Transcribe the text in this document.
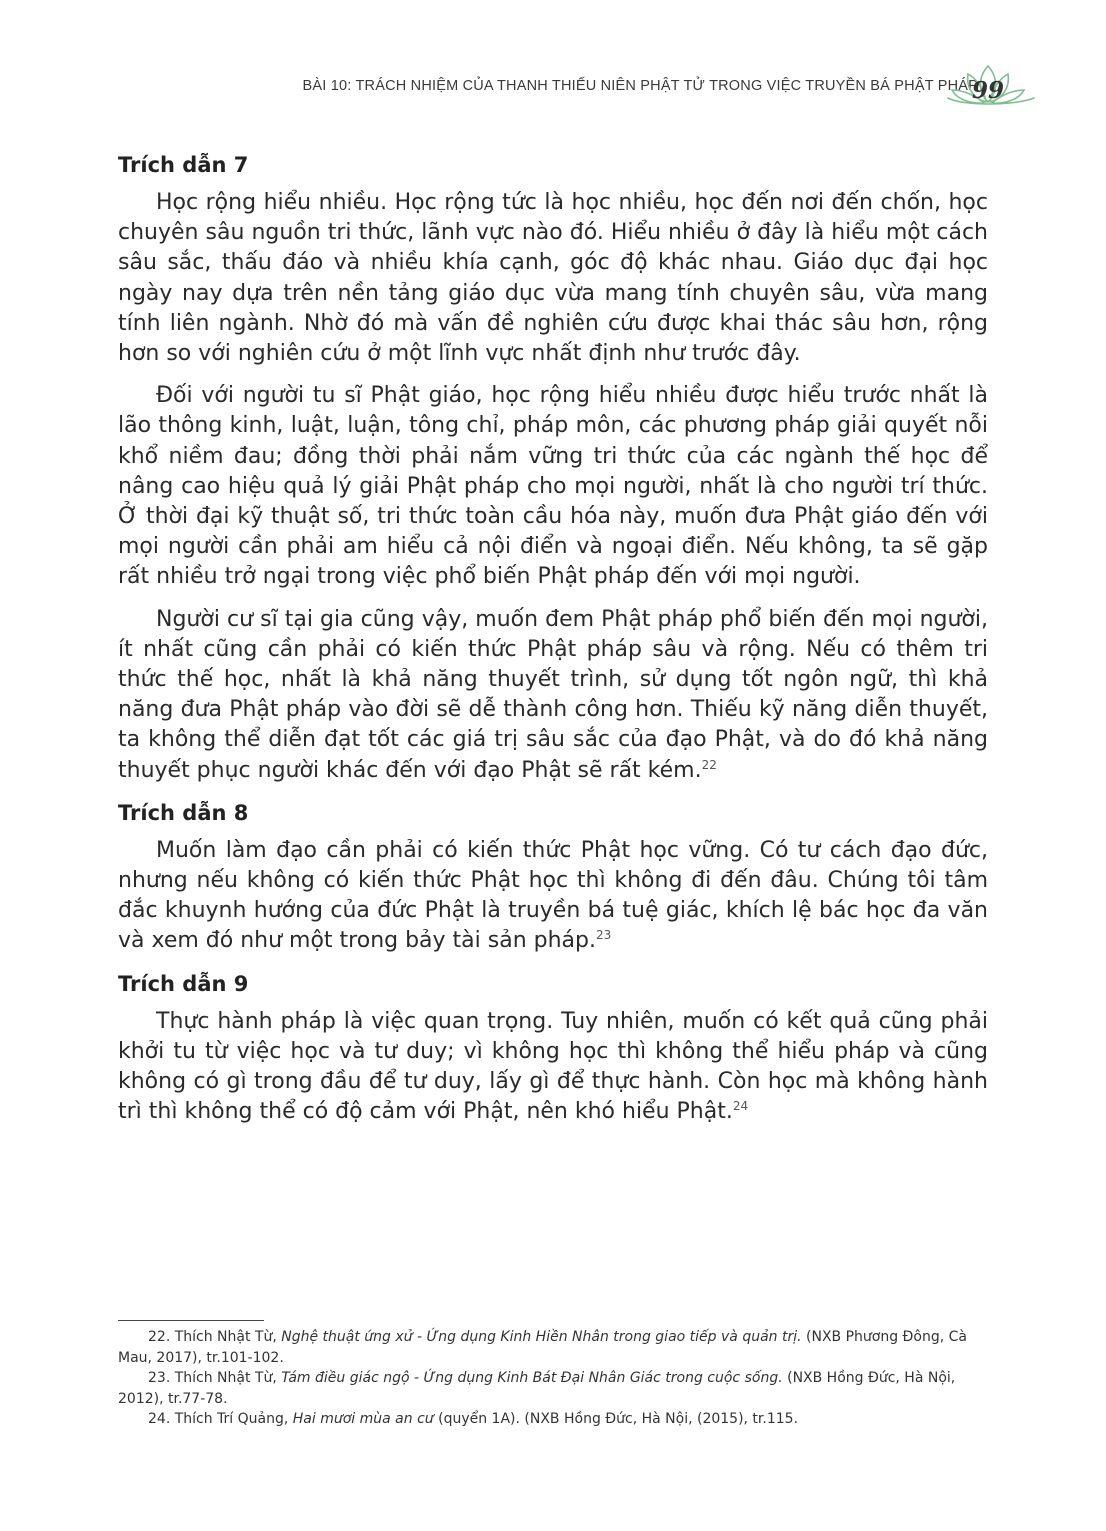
BÀI 10: TRÁCH NHIỆM CỦA THANH THIẾU NIÊN PHẬT TỬ TRONG VIỆC TRUYỀN BÁ PHẬT PHÁP
99
Trích dẫn 7

Học rộng hiểu nhiều. Học rộng tức là học nhiều, học đến nơi đến chốn, học chuyên sâu nguồn tri thức, lãnh vực nào đó. Hiểu nhiều ở đây là hiểu một cách sâu sắc, thấu đáo và nhiều khía cạnh, góc độ khác nhau. Giáo dục đại học ngày nay dựa trên nền tảng giáo dục vừa mang tính chuyên sâu, vừa mang tính liên ngành. Nhờ đó mà vấn đề nghiên cứu được khai thác sâu hơn, rộng hơn so với nghiên cứu ở một lĩnh vực nhất định như trước đây.

Đối với người tu sĩ Phật giáo, học rộng hiểu nhiều được hiểu trước nhất là lão thông kinh, luật, luận, tông chỉ, pháp môn, các phương pháp giải quyết nỗi khổ niềm đau; đồng thời phải nắm vững tri thức của các ngành thế học để nâng cao hiệu quả lý giải Phật pháp cho mọi người, nhất là cho người trí thức. Ở thời đại kỹ thuật số, tri thức toàn cầu hóa này, muốn đưa Phật giáo đến với mọi người cần phải am hiểu cả nội điển và ngoại điển. Nếu không, ta sẽ gặp rất nhiều trở ngại trong việc phổ biến Phật pháp đến với mọi người.

Người cư sĩ tại gia cũng vậy, muốn đem Phật pháp phổ biến đến mọi người, ít nhất cũng cần phải có kiến thức Phật pháp sâu và rộng. Nếu có thêm tri thức thế học, nhất là khả năng thuyết trình, sử dụng tốt ngôn ngữ, thì khả năng đưa Phật pháp vào đời sẽ dễ thành công hơn. Thiếu kỹ năng diễn thuyết, ta không thể diễn đạt tốt các giá trị sâu sắc của đạo Phật, và do đó khả năng thuyết phục người khác đến với đạo Phật sẽ rất kém.$^{22}$

Trích dẫn 8

Muốn làm đạo cần phải có kiến thức Phật học vững. Có tư cách đạo đức, nhưng nếu không có kiến thức Phật học thì không đi đến đâu. Chúng tôi tâm đắc khuynh hướng của đức Phật là truyền bá tuệ giác, khích lệ bác học đa văn và xem đó như một trong bảy tài sản pháp.$^{23}$

Trích dẫn 9

Thực hành pháp là việc quan trọng. Tuy nhiên, muốn có kết quả cũng phải khởi tu từ việc học và tư duy; vì không học thì không thể hiểu pháp và cũng không có gì trong đầu để tư duy, lấy gì để thực hành. Còn học mà không hành trì thì không thể có độ cảm với Phật, nên khó hiểu Phật.$^{24}$

22. Thích Nhật Từ, Nghệ thuật ứng xử - Ứng dụng Kinh Hiền Nhân trong giao tiếp và quản trị. (NXB Phương Đông, Cà Mau, 2017), tr.101-102.

23. Thích Nhật Từ, Tám điều giác ngộ - Ứng dụng Kinh Bát Đại Nhân Giác trong cuộc sống. (NXB Hồng Đức, Hà Nội, 2012), tr.77-78.

24. Thích Trí Quảng, Hai mươi mùa an cư (quyển 1A). (NXB Hồng Đức, Hà Nội, (2015), tr.115.
